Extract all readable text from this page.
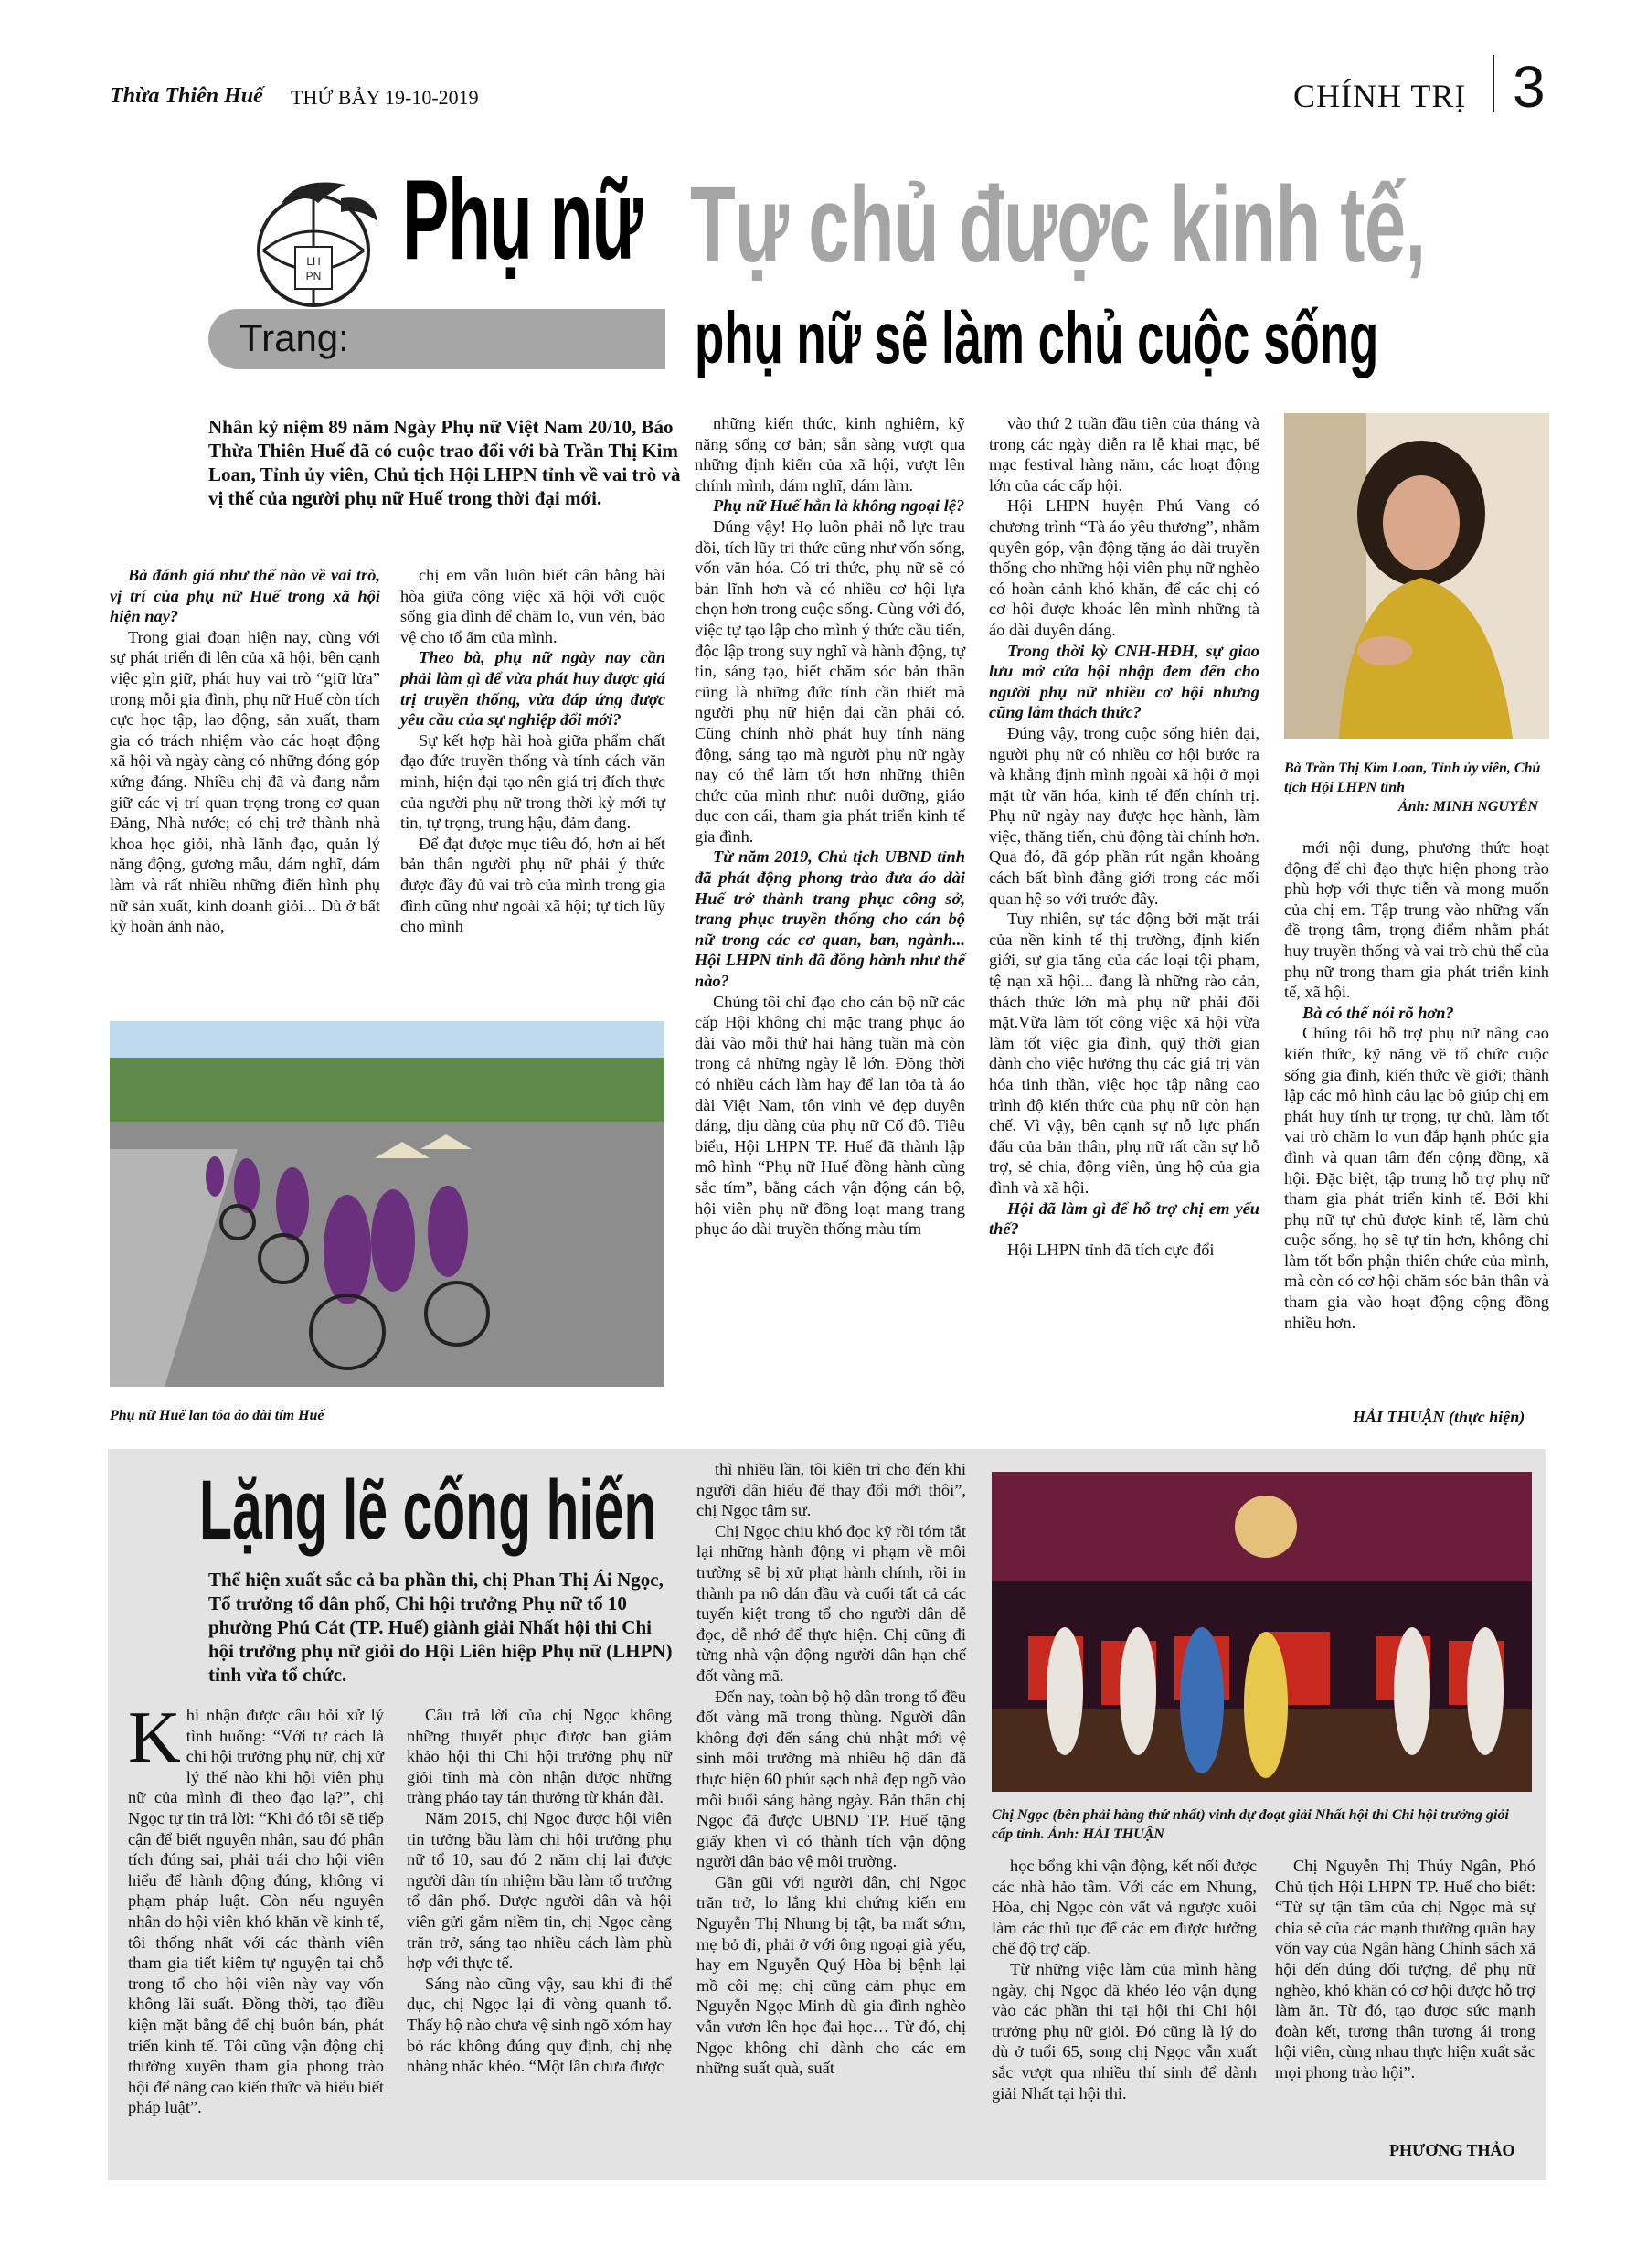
Thừa Thiên Huế THỨ BẢY 19-10-2019	CHÍNH TRỊ 3
LH
PN
Trang:
Phụ nữ Tự chủ được kinh tế,
phụ nữ sẽ làm chủ cuộc sống
Nhân kỷ niệm 89 năm Ngày Phụ nữ Việt Nam 20/10, Báo Thừa Thiên Huế đã có cuộc trao đổi với bà Trần Thị Kim Loan, Tỉnh ủy viên, Chủ tịch Hội LHPN tỉnh về vai trò và vị thế của người phụ nữ Huế trong thời đại mới.

Bà đánh giá như thế nào về vai trò, vị trí của phụ nữ Huế trong xã hội hiện nay?

Trong giai đoạn hiện nay, cùng với sự phát triển đi lên của xã hội, bên cạnh việc gìn giữ, phát huy vai trò “giữ lửa” trong mỗi gia đình, phụ nữ Huế còn tích cực học tập, lao động, sản xuất, tham gia có trách nhiệm vào các hoạt động xã hội và ngày càng có những đóng góp xứng đáng. Nhiều chị đã và đang nắm giữ các vị trí quan trọng trong cơ quan Đảng, Nhà nước; có chị trở thành nhà khoa học giỏi, nhà lãnh đạo, quản lý năng động, gương mẫu, dám nghĩ, dám làm và rất nhiều những điển hình phụ nữ sản xuất, kinh doanh giỏi... Dù ở bất kỳ hoàn ảnh nào,

chị em vẫn luôn biết cân bằng hài hòa giữa công việc xã hội với cuộc sống gia đình để chăm lo, vun vén, bảo vệ cho tổ ấm của mình.

Theo bà, phụ nữ ngày nay cần phải làm gì để vừa phát huy được giá trị truyền thống, vừa đáp ứng được yêu cầu của sự nghiệp đổi mới?

Sự kết hợp hài hoà giữa phẩm chất đạo đức truyền thống và tính cách văn minh, hiện đại tạo nên giá trị đích thực của người phụ nữ trong thời kỳ mới tự tin, tự trọng, trung hậu, đảm đang.

Để đạt được mục tiêu đó, hơn ai hết bản thân người phụ nữ phải ý thức được đầy đủ vai trò của mình trong gia đình cũng như ngoài xã hội; tự tích lũy cho mình

những kiến thức, kinh nghiệm, kỹ năng sống cơ bản; sẵn sàng vượt qua những định kiến của xã hội, vượt lên chính mình, dám nghĩ, dám làm.

Phụ nữ Huế hẳn là không ngoại lệ?

Đúng vậy! Họ luôn phải nỗ lực trau dồi, tích lũy tri thức cũng như vốn sống, vốn văn hóa. Có tri thức, phụ nữ sẽ có bản lĩnh hơn và có nhiều cơ hội lựa chọn hơn trong cuộc sống. Cùng với đó, việc tự tạo lập cho mình ý thức cầu tiến, độc lập trong suy nghĩ và hành động, tự tin, sáng tạo, biết chăm sóc bản thân cũng là những đức tính cần thiết mà người phụ nữ hiện đại cần phải có. Cũng chính nhờ phát huy tính năng động, sáng tạo mà người phụ nữ ngày nay có thể làm tốt hơn những thiên chức của mình như: nuôi dưỡng, giáo dục con cái, tham gia phát triển kinh tế gia đình.

Từ năm 2019, Chủ tịch UBND tỉnh đã phát động phong trào đưa áo dài Huế trở thành trang phục công sở, trang phục truyền thống cho cán bộ nữ trong các cơ quan, ban, ngành... Hội LHPN tỉnh đã đồng hành như thế nào?

Chúng tôi chỉ đạo cho cán bộ nữ các cấp Hội không chỉ mặc trang phục áo dài vào mỗi thứ hai hàng tuần mà còn trong cả những ngày lễ lớn. Đồng thời có nhiều cách làm hay để lan tỏa tà áo dài Việt Nam, tôn vinh vẻ đẹp duyên dáng, dịu dàng của phụ nữ Cố đô. Tiêu biểu, Hội LHPN TP. Huế đã thành lập mô hình “Phụ nữ Huế đồng hành cùng sắc tím”, bằng cách vận động cán bộ, hội viên phụ nữ đồng loạt mang trang phục áo dài truyền thống màu tím

vào thứ 2 tuần đầu tiên của tháng và trong các ngày diễn ra lễ khai mạc, bế mạc festival hàng năm, các hoạt động lớn của các cấp hội.

Hội LHPN huyện Phú Vang có chương trình “Tà áo yêu thương”, nhằm quyên góp, vận động tặng áo dài truyền thống cho những hội viên phụ nữ nghèo có hoàn cảnh khó khăn, để các chị có cơ hội được khoác lên mình những tà áo dài duyên dáng.

Trong thời kỳ CNH-HĐH, sự giao lưu mở cửa hội nhập đem đến cho người phụ nữ nhiều cơ hội nhưng cũng lắm thách thức?

Đúng vậy, trong cuộc sống hiện đại, người phụ nữ có nhiều cơ hội bước ra và khẳng định mình ngoài xã hội ở mọi mặt từ văn hóa, kinh tế đến chính trị. Phụ nữ ngày nay được học hành, làm việc, thăng tiến, chủ động tài chính hơn. Qua đó, đã góp phần rút ngắn khoảng cách bất bình đẳng giới trong các mối quan hệ so với trước đây.

Tuy nhiên, sự tác động bởi mặt trái của nền kinh tế thị trường, định kiến giới, sự gia tăng của các loại tội phạm, tệ nạn xã hội... đang là những rào cản, thách thức lớn mà phụ nữ phải đối mặt.Vừa làm tốt công việc xã hội vừa làm tốt việc gia đình, quỹ thời gian dành cho việc hưởng thụ các giá trị văn hóa tinh thần, việc học tập nâng cao trình độ kiến thức của phụ nữ còn hạn chế. Vì vậy, bên cạnh sự nỗ lực phấn đấu của bản thân, phụ nữ rất cần sự hỗ trợ, sẻ chia, động viên, ủng hộ của gia đình và xã hội.

Hội đã làm gì để hỗ trợ chị em yếu thế?

Hội LHPN tỉnh đã tích cực đổi

mới nội dung, phương thức hoạt động để chỉ đạo thực hiện phong trào phù hợp với thực tiễn và mong muốn của chị em. Tập trung vào những vấn đề trọng tâm, trọng điểm nhằm phát huy truyền thống và vai trò chủ thể của phụ nữ trong tham gia phát triển kinh tế, xã hội.

Bà có thể nói rõ hơn?

Chúng tôi hỗ trợ phụ nữ nâng cao kiến thức, kỹ năng về tổ chức cuộc sống gia đình, kiến thức về giới; thành lập các mô hình câu lạc bộ giúp chị em phát huy tính tự trọng, tự chủ, làm tốt vai trò chăm lo vun đắp hạnh phúc gia đình và quan tâm đến cộng đồng, xã hội. Đặc biệt, tập trung hỗ trợ phụ nữ tham gia phát triển kinh tế. Bởi khi phụ nữ tự chủ được kinh tế, làm chủ cuộc sống, họ sẽ tự tin hơn, không chỉ làm tốt bổn phận thiên chức của mình, mà còn có cơ hội chăm sóc bản thân và tham gia vào hoạt động cộng đồng nhiều hơn.

Phụ nữ Huế lan tỏa áo dài tím Huế
Bà Trần Thị Kim Loan, Tỉnh ủy viên, Chủ tịch Hội LHPN tỉnh
Ảnh: MINH NGUYÊN
HẢI THUẬN (thực hiện)
Lặng lẽ cống hiến
Thể hiện xuất sắc cả ba phần thi, chị Phan Thị Ái Ngọc, Tổ trưởng tổ dân phố, Chi hội trưởng Phụ nữ tổ 10 phường Phú Cát (TP. Huế) giành giải Nhất hội thi Chi hội trưởng phụ nữ giỏi do Hội Liên hiệp Phụ nữ (LHPN) tỉnh vừa tổ chức.
Khi nhận được câu hỏi xử lý tình huống: “Với tư cách là chi hội trưởng phụ nữ, chị xử lý thế nào khi hội viên phụ nữ của mình đi theo đạo lạ?”, chị Ngọc tự tin trả lời: “Khi đó tôi sẽ tiếp cận để biết nguyên nhân, sau đó phân tích đúng sai, phải trái cho hội viên hiểu để hành động đúng, không vi phạm pháp luật. Còn nếu nguyên nhân do hội viên khó khăn về kinh tế, tôi thống nhất với các thành viên tham gia tiết kiệm tự nguyện tại chỗ trong tổ cho hội viên này vay vốn không lãi suất. Đồng thời, tạo điều kiện mặt bằng để chị buôn bán, phát triển kinh tế. Tôi cũng vận động chị thường xuyên tham gia phong trào hội để nâng cao kiến thức và hiểu biết pháp luật”.

Câu trả lời của chị Ngọc không những thuyết phục được ban giám khảo hội thi Chi hội trưởng phụ nữ giỏi tỉnh mà còn nhận được những tràng pháo tay tán thưởng từ khán đài.

Năm 2015, chị Ngọc được hội viên tin tưởng bầu làm chi hội trưởng phụ nữ tổ 10, sau đó 2 năm chị lại được người dân tín nhiệm bầu làm tổ trưởng tổ dân phố. Được người dân và hội viên gửi gắm niềm tin, chị Ngọc càng trăn trở, sáng tạo nhiều cách làm phù hợp với thực tế.

Sáng nào cũng vậy, sau khi đi thể dục, chị Ngọc lại đi vòng quanh tổ. Thấy hộ nào chưa vệ sinh ngõ xóm hay bỏ rác không đúng quy định, chị nhẹ nhàng nhắc khéo. “Một lần chưa được

thì nhiều lần, tôi kiên trì cho đến khi người dân hiểu để thay đổi mới thôi”, chị Ngọc tâm sự.

Chị Ngọc chịu khó đọc kỹ rồi tóm tắt lại những hành động vi phạm về môi trường sẽ bị xử phạt hành chính, rồi in thành pa nô dán đầu và cuối tất cả các tuyến kiệt trong tổ cho người dân dễ đọc, dễ nhớ để thực hiện. Chị cũng đi từng nhà vận động người dân hạn chế đốt vàng mã.

Đến nay, toàn bộ hộ dân trong tổ đều đốt vàng mã trong thùng. Người dân không đợi đến sáng chủ nhật mới vệ sinh môi trường mà nhiều hộ dân đã thực hiện 60 phút sạch nhà đẹp ngõ vào mỗi buổi sáng hàng ngày. Bản thân chị Ngọc đã được UBND TP. Huế tặng giấy khen vì có thành tích vận động người dân bảo vệ môi trường.

Gần gũi với người dân, chị Ngọc trăn trở, lo lắng khi chứng kiến em Nguyễn Thị Nhung bị tật, ba mất sớm, mẹ bỏ đi, phải ở với ông ngoại già yếu, hay em Nguyễn Quý Hòa bị bệnh lại mồ côi mẹ; chị cũng cảm phục em Nguyễn Ngọc Minh dù gia đình nghèo vẫn vươn lên học đại học… Từ đó, chị Ngọc không chỉ dành cho các em những suất quà, suất

học bổng khi vận động, kết nối được các nhà hảo tâm. Với các em Nhung, Hòa, chị Ngọc còn vất vả ngược xuôi làm các thủ tục để các em được hưởng chế độ trợ cấp.

Từ những việc làm của mình hàng ngày, chị Ngọc đã khéo léo vận dụng vào các phần thi tại hội thi Chi hội trưởng phụ nữ giỏi. Đó cũng là lý do dù ở tuổi 65, song chị Ngọc vẫn xuất sắc vượt qua nhiều thí sinh để dành giải Nhất tại hội thi.

Chị Nguyễn Thị Thúy Ngân, Phó Chủ tịch Hội LHPN TP. Huế cho biết: “Từ sự tận tâm của chị Ngọc mà sự chia sẻ của các mạnh thường quân hay vốn vay của Ngân hàng Chính sách xã hội đến đúng đối tượng, để phụ nữ nghèo, khó khăn có cơ hội được hỗ trợ làm ăn. Từ đó, tạo được sức mạnh đoàn kết, tương thân tương ái trong hội viên, cùng nhau thực hiện xuất sắc mọi phong trào hội”.

Chị Ngọc (bên phải hàng thứ nhất) vinh dự đoạt giải Nhất hội thi Chi hội trưởng giỏi cấp tỉnh. Ảnh: HẢI THUẬN
PHƯƠNG THẢO
